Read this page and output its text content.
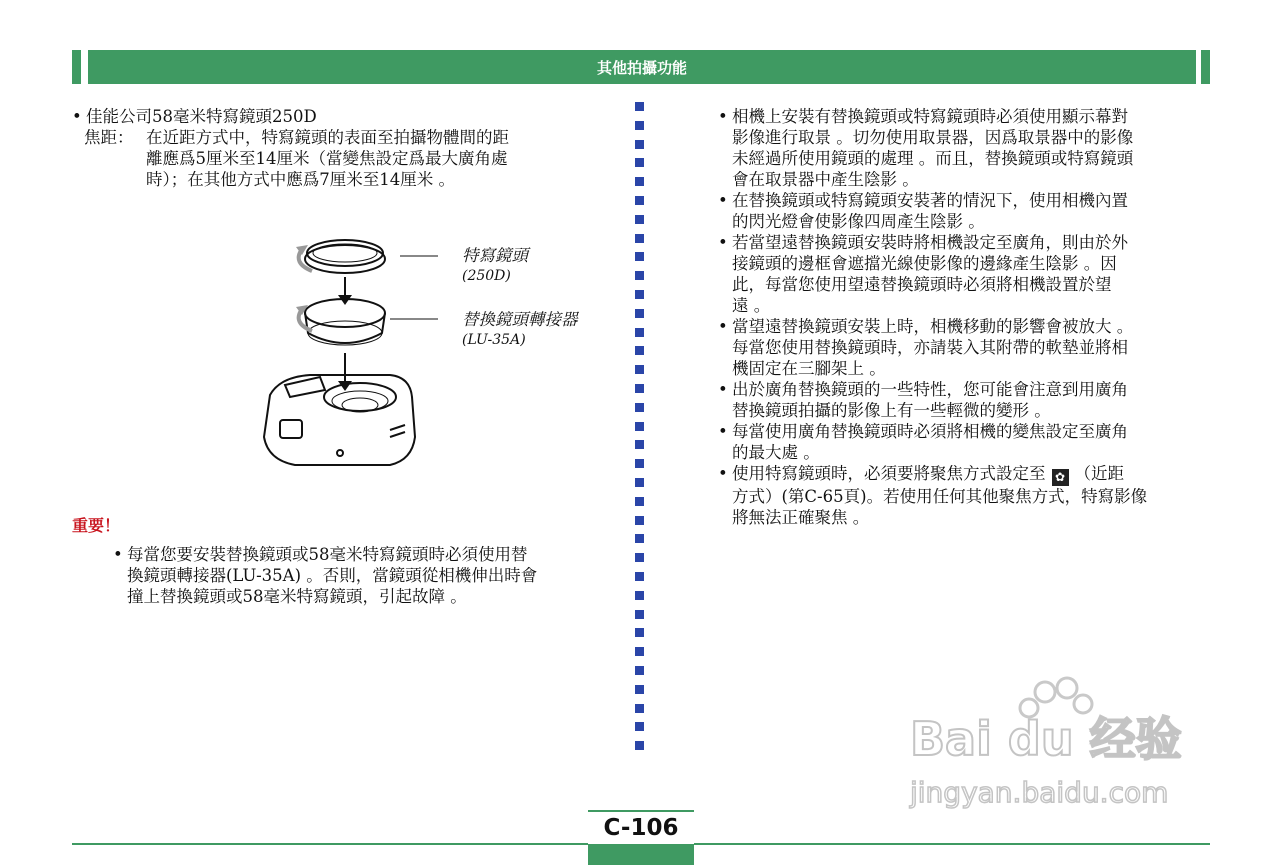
其他拍攝功能
• 佳能公司58毫米特寫鏡頭250D
焦距： 在近距方式中，特寫鏡頭的表面至拍攝物體間的距
離應爲5厘米至14厘米（當變焦設定爲最大廣角處
時）；在其他方式中應爲7厘米至14厘米 。
特寫鏡頭
(250D)
替換鏡頭轉接器
(LU-35A)
重要！
• 每當您要安裝替換鏡頭或58毫米特寫鏡頭時必須使用替
換鏡頭轉接器(LU-35A) 。否則，當鏡頭從相機伸出時會
撞上替換鏡頭或58毫米特寫鏡頭，引起故障 。
• 相機上安裝有替換鏡頭或特寫鏡頭時必須使用顯示幕對
影像進行取景 。切勿使用取景器，因爲取景器中的影像
未經過所使用鏡頭的處理 。而且，替換鏡頭或特寫鏡頭
會在取景器中產生陰影 。
• 在替換鏡頭或特寫鏡頭安裝著的情況下，使用相機內置
的閃光燈會使影像四周產生陰影 。
• 若當望遠替換鏡頭安裝時將相機設定至廣角，則由於外
接鏡頭的邊框會遮擋光線使影像的邊緣產生陰影 。因
此，每當您使用望遠替換鏡頭時必須將相機設置於望
遠 。
• 當望遠替換鏡頭安裝上時，相機移動的影響會被放大 。
每當您使用替換鏡頭時，亦請裝入其附帶的軟墊並將相
機固定在三腳架上 。
• 出於廣角替換鏡頭的一些特性，您可能會注意到用廣角
替換鏡頭拍攝的影像上有一些輕微的變形 。
• 每當使用廣角替換鏡頭時必須將相機的變焦設定至廣角
的最大處 。
• 使用特寫鏡頭時，必須要將聚焦方式設定至 ✿ （近距
方式）(第C-65頁)。若使用任何其他聚焦方式，特寫影像
將無法正確聚焦 。
Bai du 经验
jingyan.baidu.com
C-106
